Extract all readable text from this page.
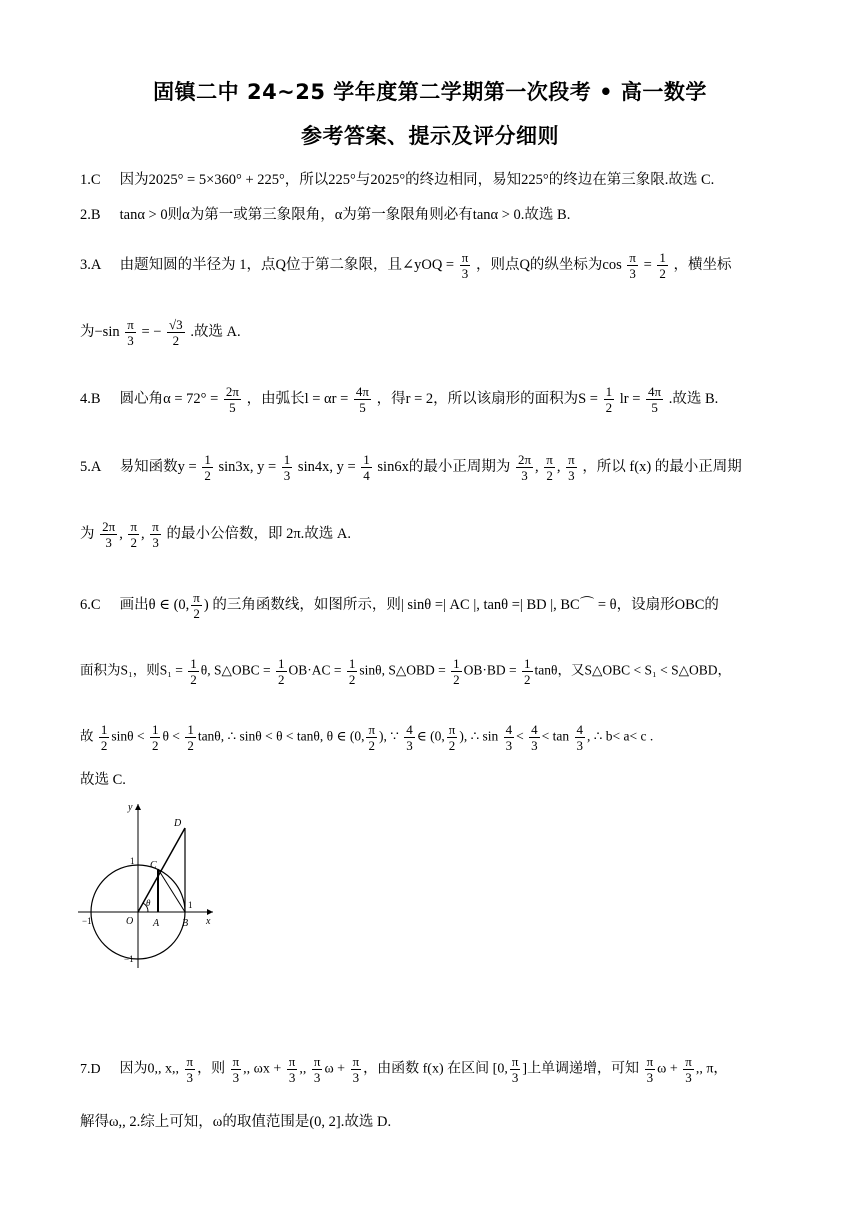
固镇二中 24~25 学年度第二学期第一次段考 • 高一数学
参考答案、提示及评分细则
1.C 因为2025° = 5×360° + 225°，所以225°与2025°的终边相同，易知225°的终边在第三象限.故选 C.
2.B tanα > 0则α为第一或第三象限角，α为第一象限角则必有tanα > 0.故选 B.
3.A 由题知圆的半径为 1，点Q位于第二象限，且∠yOQ = $\frac{\pi}{3}$ ，则点Q的纵坐标为$\cos \frac{\pi}{3} = \frac{1}{2}$ ，横坐标
为$-\sin \frac{\pi}{3}$ = − $\frac{√3}{2}$ .故选 A.
4.B 圆心角$\alpha = 72^\circ = \frac{2\pi}{5}$ ，由弧长$l = \alpha r = \frac{4\pi}{5}$ ，得r = 2，所以该扇形的面积为$S = \frac{1}{2}$ lr = $\frac{4\pi}{5}$ .故选 B.
5.A 易知函数$y = \frac{1}{2} \sin 3x$, $y = \frac{1}{3} \sin 4x$, $y = \frac{1}{4} \sin 6x$的最小正周期为 $\frac{2\pi}{3}$ , $\frac{\pi}{2}$ , $\frac{\pi}{3}$ ，所以 f(x) 的最小正周期
为 $\frac{2\pi}{3}$ , $\frac{\pi}{2}$ , $\frac{\pi}{3}$ 的最小公倍数，即 2π.故选 A.
6.C 画出θ ∈ (0, $\frac{\pi}{2}$ ) 的三角函数线，如图所示，则| sinθ =| AC |, tanθ =| BD |, BC⌒ = θ，设扇形OBC的
面积为S₁，则$S_1 = \frac{1}{2} \theta$, S△OBC = $\frac{1}{2} OB\cdot AC = \frac{1}{2} \sin\theta$, S△OBD = $\frac{1}{2} OB\cdot BD = \frac{1}{2}$ tanθ，又S△OBC < S₁ < S△OBD，
故 $\frac{1}{2}$ $\sin\theta < \frac{1}{2}$ $\theta < \frac{1}{2} \tan\theta$, ∴ sinθ < θ < tanθ, θ ∈ (0, $\frac{\pi}{2}$ ), ∵ $\frac{4}{3}$ ∈ (0, $\frac{\pi}{2}$ ), ∴ $\sin \frac{4}{3} < \frac{4}{3} < \tan \frac{4}{3}$ , ∴ b< a< c .
故选 C.
y
x
O A B
C
D
θ
1
1
−1
−1
7.D 因为0,, x,, $\frac{\pi}{3}$ ，则 $\frac{\pi}{3}$ ,, $\omega x + \frac{\pi}{3}$ ,, $\frac{\pi}{3}$ $\omega + \frac{\pi}{3}$ ，由函数 f(x) 在区间 [0, $\frac{\pi}{3}$ ]上单调递增，可知 $\frac{\pi}{3}$ $\omega + \frac{\pi}{3}$ ,, π，
解得ω,, 2.综上可知，ω的取值范围是(0, 2].故选 D.
